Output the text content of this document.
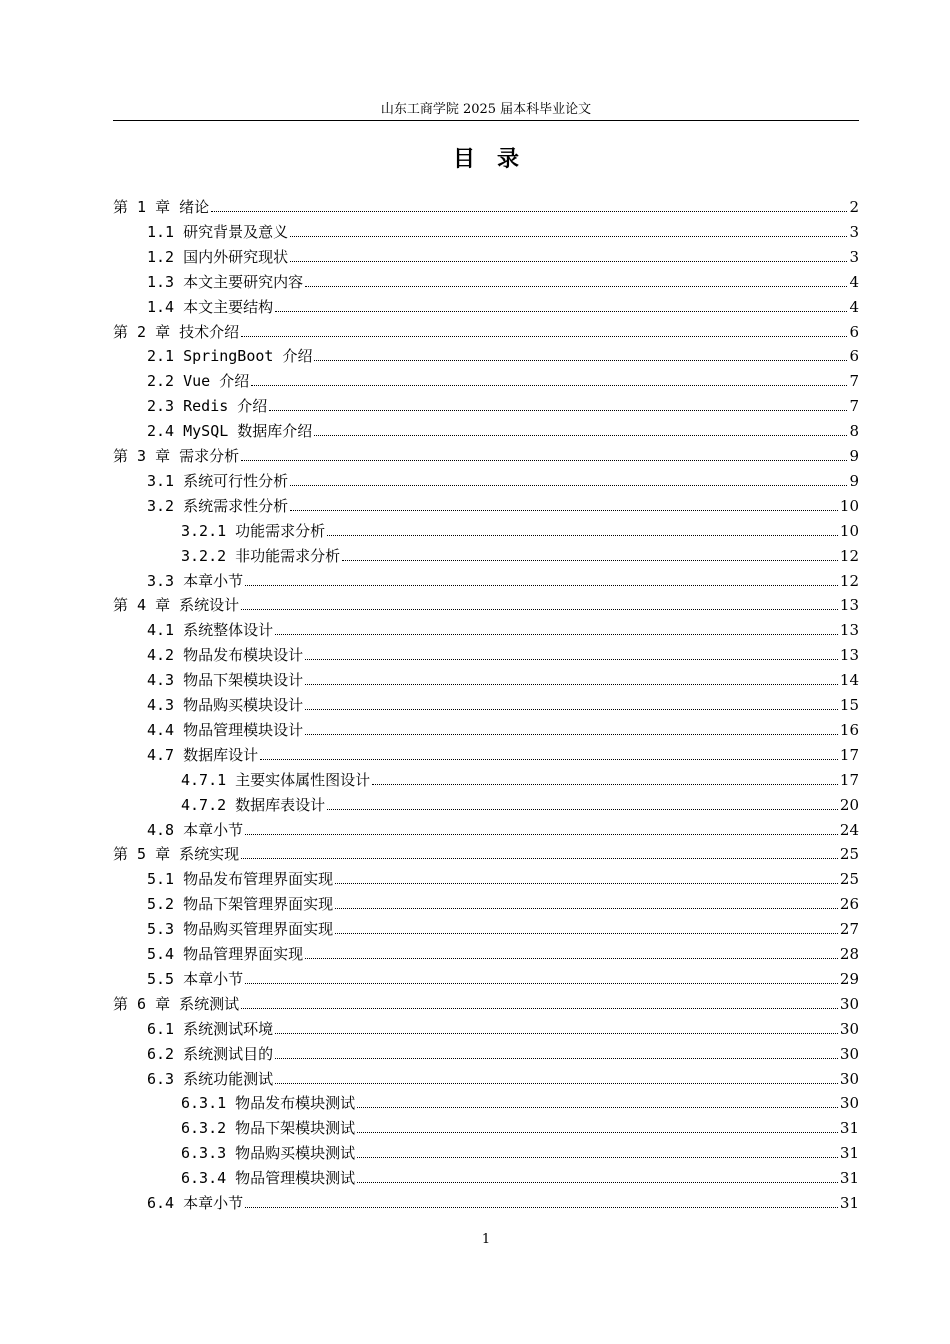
山东工商学院 2025 届本科毕业论文
目录
第 1 章 绪论	2
1.1 研究背景及意义	3
1.2 国内外研究现状	3
1.3 本文主要研究内容	4
1.4 本文主要结构	4
第 2 章 技术介绍	6
2.1 SpringBoot 介绍	6
2.2 Vue 介绍	7
2.3 Redis 介绍	7
2.4 MySQL 数据库介绍	8
第 3 章 需求分析	9
3.1 系统可行性分析	9
3.2 系统需求性分析	10
3.2.1 功能需求分析	10
3.2.2 非功能需求分析	12
3.3 本章小节	12
第 4 章 系统设计	13
4.1 系统整体设计	13
4.2 物品发布模块设计	13
4.3 物品下架模块设计	14
4.3 物品购买模块设计	15
4.4 物品管理模块设计	16
4.7 数据库设计	17
4.7.1 主要实体属性图设计	17
4.7.2 数据库表设计	20
4.8 本章小节	24
第 5 章 系统实现	25
5.1 物品发布管理界面实现	25
5.2 物品下架管理界面实现	26
5.3 物品购买管理界面实现	27
5.4 物品管理界面实现	28
5.5 本章小节	29
第 6 章 系统测试	30
6.1 系统测试环境	30
6.2 系统测试目的	30
6.3 系统功能测试	30
6.3.1 物品发布模块测试	30
6.3.2 物品下架模块测试	31
6.3.3 物品购买模块测试	31
6.3.4 物品管理模块测试	31
6.4 本章小节	31
1
